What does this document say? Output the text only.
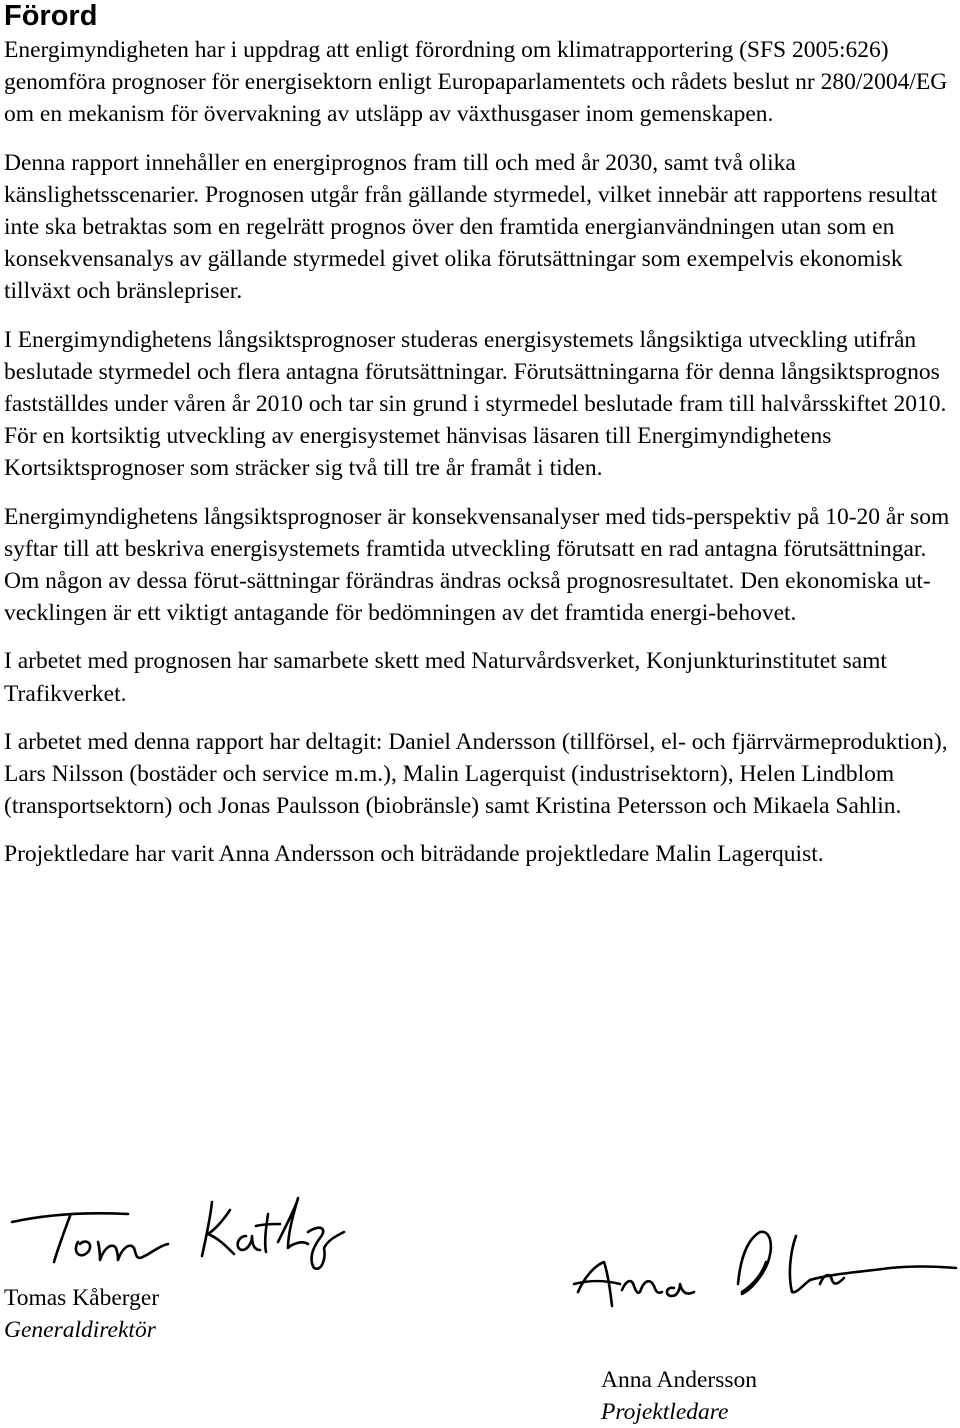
Förord

Energimyndigheten har i uppdrag att enligt förordning om klimatrapportering (SFS 2005:626) genomföra prognoser för energisektorn enligt Europaparlamentets och rådets beslut nr 280/2004/EG om en mekanism för övervakning av utsläpp av växthusgaser inom gemenskapen.

Denna rapport innehåller en energiprognos fram till och med år 2030, samt två olika känslighetsscenarier. Prognosen utgår från gällande styrmedel, vilket innebär att rapportens resultat inte ska betraktas som en regelrätt prognos över den framtida energianvändningen utan som en konsekvensanalys av gällande styrmedel givet olika förutsättningar som exempelvis ekonomisk tillväxt och bränslepriser.

I Energimyndighetens långsiktsprognoser studeras energisystemets långsiktiga utveckling utifrån beslutade styrmedel och flera antagna förutsättningar. Förutsättningarna för denna långsiktsprognos fastställdes under våren år 2010 och tar sin grund i styrmedel beslutade fram till halvårsskiftet 2010. För en kortsiktig utveckling av energisystemet hänvisas läsaren till Energimyndighetens Kortsiktsprognoser som sträcker sig två till tre år framåt i tiden.

Energimyndighetens långsiktsprognoser är konsekvensanalyser med tids-perspektiv på 10-20 år som syftar till att beskriva energisystemets framtida utveckling förutsatt en rad antagna förutsättningar. Om någon av dessa förut-sättningar förändras ändras också prognosresultatet. Den ekonomiska ut-vecklingen är ett viktigt antagande för bedömningen av det framtida energi-behovet.

I arbetet med prognosen har samarbete skett med Naturvårdsverket, Konjunkturinstitutet samt Trafikverket.

I arbetet med denna rapport har deltagit: Daniel Andersson (tillförsel, el- och fjärrvärmeproduktion), Lars Nilsson (bostäder och service m.m.), Malin Lagerquist (industrisektorn), Helen Lindblom (transportsektorn) och Jonas Paulsson (biobränsle) samt Kristina Petersson och Mikaela Sahlin.

Projektledare har varit Anna Andersson och biträdande projektledare Malin Lagerquist.

Tomas Kåberger
Generaldirektör
Anna Andersson
Projektledare
